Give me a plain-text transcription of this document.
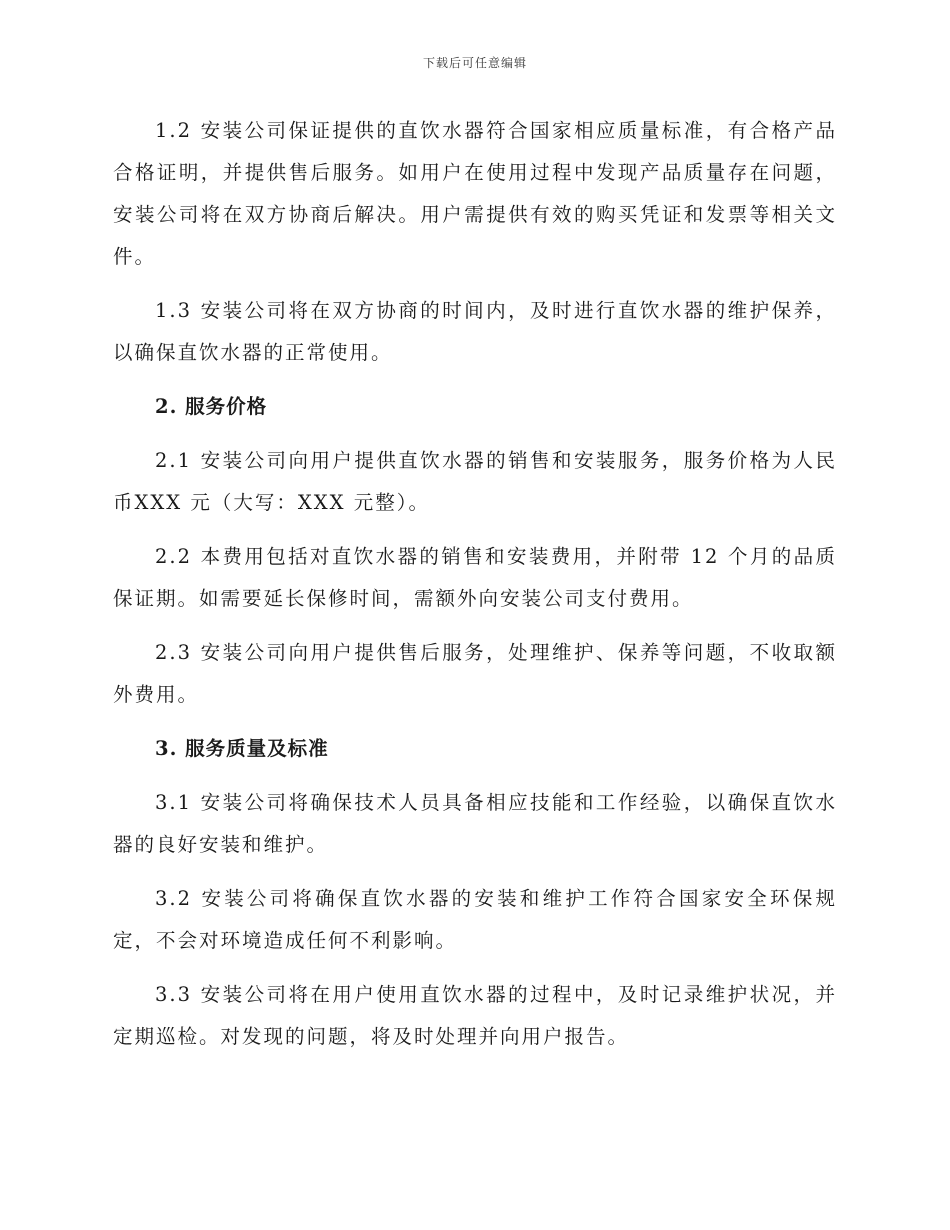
下载后可任意编辑

1.2 安装公司保证提供的直饮水器符合国家相应质量标准，有合格产品合格证明，并提供售后服务。如用户在使用过程中发现产品质量存在问题，安装公司将在双方协商后解决。用户需提供有效的购买凭证和发票等相关文件。

1.3 安装公司将在双方协商的时间内，及时进行直饮水器的维护保养，以确保直饮水器的正常使用。

2. 服务价格

2.1 安装公司向用户提供直饮水器的销售和安装服务，服务价格为人民币XXX 元（大写：XXX 元整）。

2.2 本费用包括对直饮水器的销售和安装费用，并附带 12 个月的品质保证期。如需要延长保修时间，需额外向安装公司支付费用。

2.3 安装公司向用户提供售后服务，处理维护、保养等问题，不收取额外费用。

3. 服务质量及标准

3.1 安装公司将确保技术人员具备相应技能和工作经验，以确保直饮水器的良好安装和维护。

3.2 安装公司将确保直饮水器的安装和维护工作符合国家安全环保规定，不会对环境造成任何不利影响。

3.3 安装公司将在用户使用直饮水器的过程中，及时记录维护状况，并定期巡检。对发现的问题，将及时处理并向用户报告。
